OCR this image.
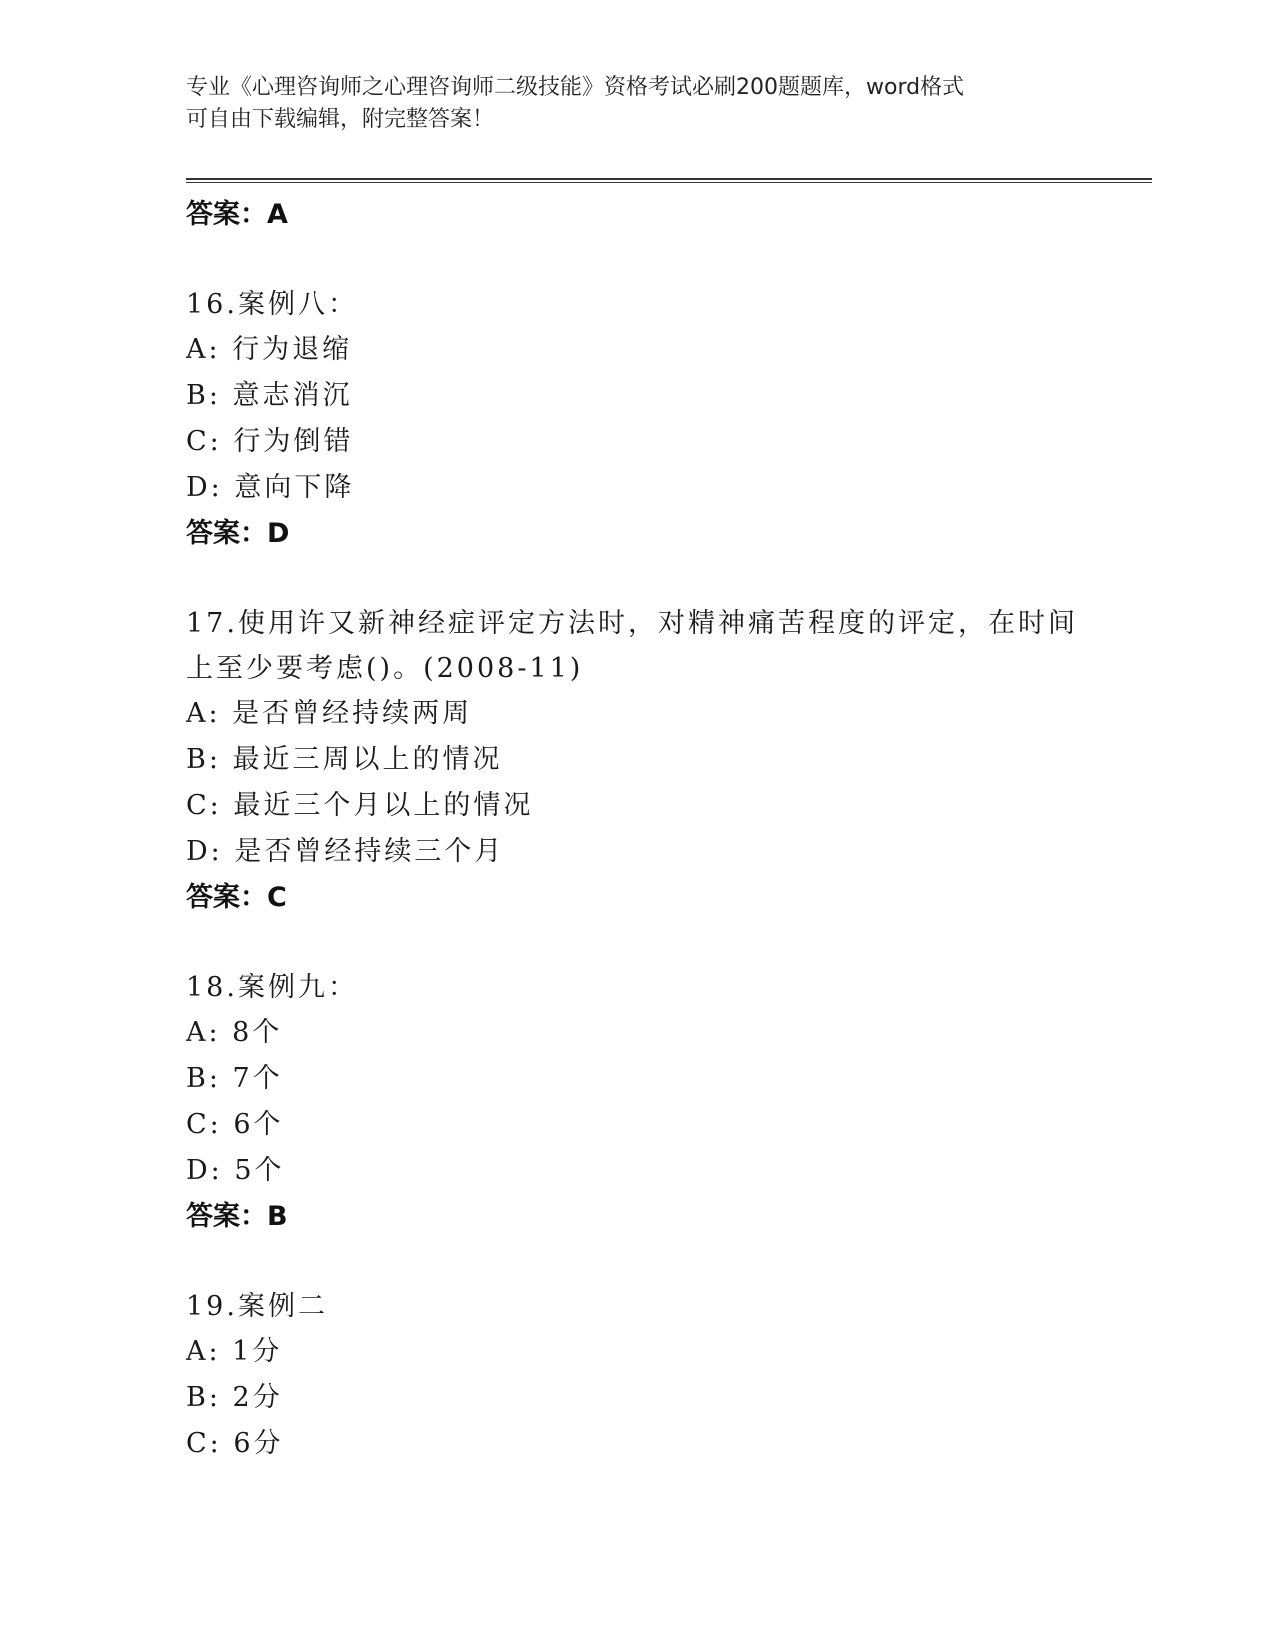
专业《心理咨询师之心理咨询师二级技能》资格考试必刷200题题库，word格式
可自由下载编辑，附完整答案！
答案：A
16.案例八：
A: 行为退缩
B: 意志消沉
C: 行为倒错
D: 意向下降
答案：D
17.使用许又新神经症评定方法时，对精神痛苦程度的评定，在时间上至少要考虑()。(2008-11)
A: 是否曾经持续两周
B: 最近三周以上的情况
C: 最近三个月以上的情况
D: 是否曾经持续三个月
答案：C
18.案例九：
A: 8个
B: 7个
C: 6个
D: 5个
答案：B
19.案例二
A: 1分
B: 2分
C: 6分
